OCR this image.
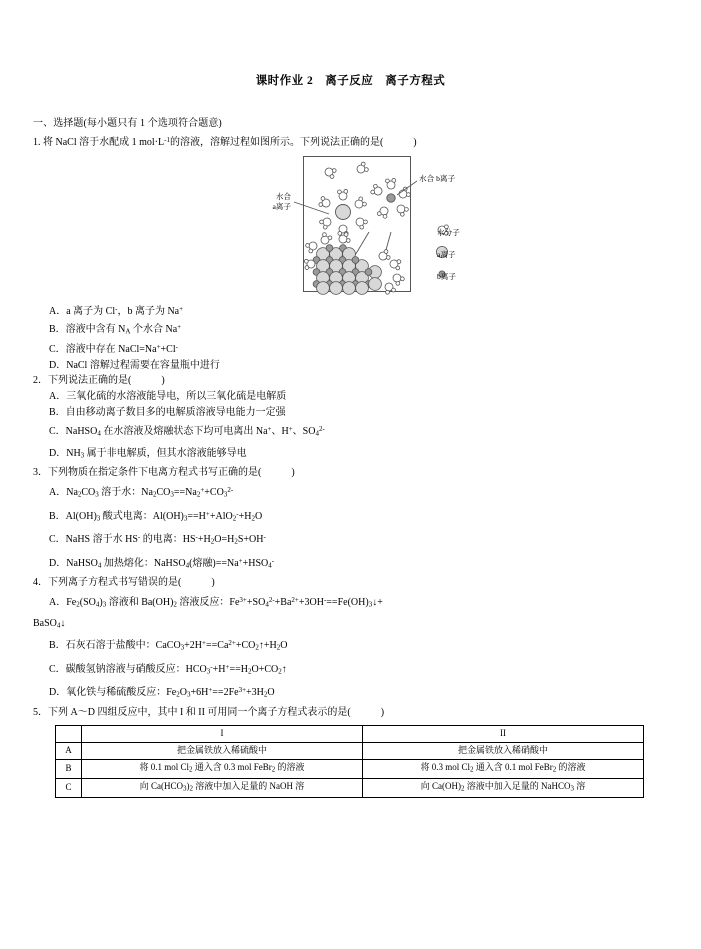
课时作业 2　离子反应　离子方程式
一、选择题(每小题只有 1 个选项符合题意)
1. 将 NaCl 溶于水配成 1 $mol\cdot L^{-1}$的溶液，溶解过程如图所示。下列说法正确的是(	)
水合
a离子
水合 b离子
水分子
a离子
b离子
A．a 离子为 Cl-，b 离子为 Na+
B．溶液中含有 $N_A$ 个水合 Na+
C．溶液中存在 NaCl=Na++Cl-
D．NaCl 溶解过程需要在容量瓶中进行
2．下列说法正确的是(	)
A．三氧化硫的水溶液能导电，所以三氧化硫是电解质
B．自由移动离子数目多的电解质溶液导电能力一定强
C．NaHSO$_4$ 在水溶液及熔融状态下均可电离出 Na+、H+、$SO_4^{2-}$
D．$NH_3$ 属于非电解质，但其水溶液能够导电
3．下列物质在指定条件下电离方程式书写正确的是(	)
A．$Na_2CO_3$ 溶于水：$Na_2CO_3==Na_2^++CO_3^{2-}$
B．$Al(OH)_3$ 酸式电离：$Al(OH)_3==H^++AlO_2^-+H_2O$
C．NaHS 溶于水 HS- 的电离：$HS^-+H_2O=H_2S+OH^-$
D．NaHSO$_4$ 加热熔化：NaHSO$_4$(熔融)$==Na^++HSO_4^-$
4．下列离子方程式书写错误的是(	)
A．$Fe_2(SO_4)_3$ 溶液和 $Ba(OH)_2$ 溶液反应：$Fe^{3+}+SO_4^{2-}+Ba^{2+}+3OH^-==Fe(OH)_3↓+$
BaSO$_4$↓
B．石灰石溶于盐酸中：$CaCO_3+2H^+==Ca^{2+}+CO_2↑+H_2O$
C．碳酸氢钠溶液与硝酸反应：$HCO_3^-+H^+==H_2O+CO_2↑$
D．氧化铁与稀硫酸反应：$Fe_2O_3+6H^+==2Fe^{3+}+3H_2O$
5．下列 A～D 四组反应中，其中 I 和 II 可用同一个离子方程式表示的是(	)
	I	II
A	把金属铁放入稀硫酸中	把金属铁放入稀硝酸中
B	将 0.1 mol $Cl_2$ 通入含 0.3 mol FeBr$_2$ 的溶液	将 0.3 mol $Cl_2$ 通入含 0.1 mol FeBr$_2$ 的溶液
C	向 $Ca(HCO_3)_2$ 溶液中加入足量的 NaOH 溶	向 $Ca(OH)_2$ 溶液中加入足量的 NaHCO$_3$ 溶
